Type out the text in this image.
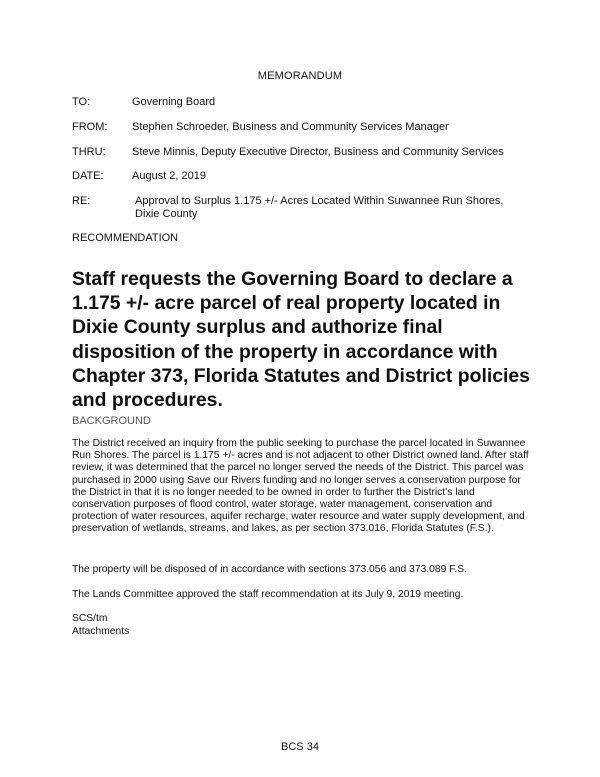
MEMORANDUM
TO:	Governing Board
FROM: Stephen Schroeder, Business and Community Services Manager
THRU: Steve Minnis, Deputy Executive Director, Business and Community Services
DATE:	August 2, 2019
RE:	Approval to Surplus 1.175 +/- Acres Located Within Suwannee Run Shores, Dixie County
RECOMMENDATION
Staff requests the Governing Board to declare a 1.175 +/- acre parcel of real property located in Dixie County surplus and authorize final disposition of the property in accordance with Chapter 373, Florida Statutes and District policies and procedures.
BACKGROUND
The District received an inquiry from the public seeking to purchase the parcel located in Suwannee Run Shores. The parcel is 1.175 +/- acres and is not adjacent to other District owned land. After staff review, it was determined that the parcel no longer served the needs of the District. This parcel was purchased in 2000 using Save our Rivers funding and no longer serves a conservation purpose for the District in that it is no longer needed to be owned in order to further the District’s land conservation purposes of flood control, water storage, water management, conservation and protection of water resources, aquifer recharge, water resource and water supply development, and preservation of wetlands, streams, and lakes, as per section 373.016, Florida Statutes (F.S.).
The property will be disposed of in accordance with sections 373.056 and 373.089 F.S.
The Lands Committee approved the staff recommendation at its July 9, 2019 meeting.
SCS/tm
Attachments
BCS 34
